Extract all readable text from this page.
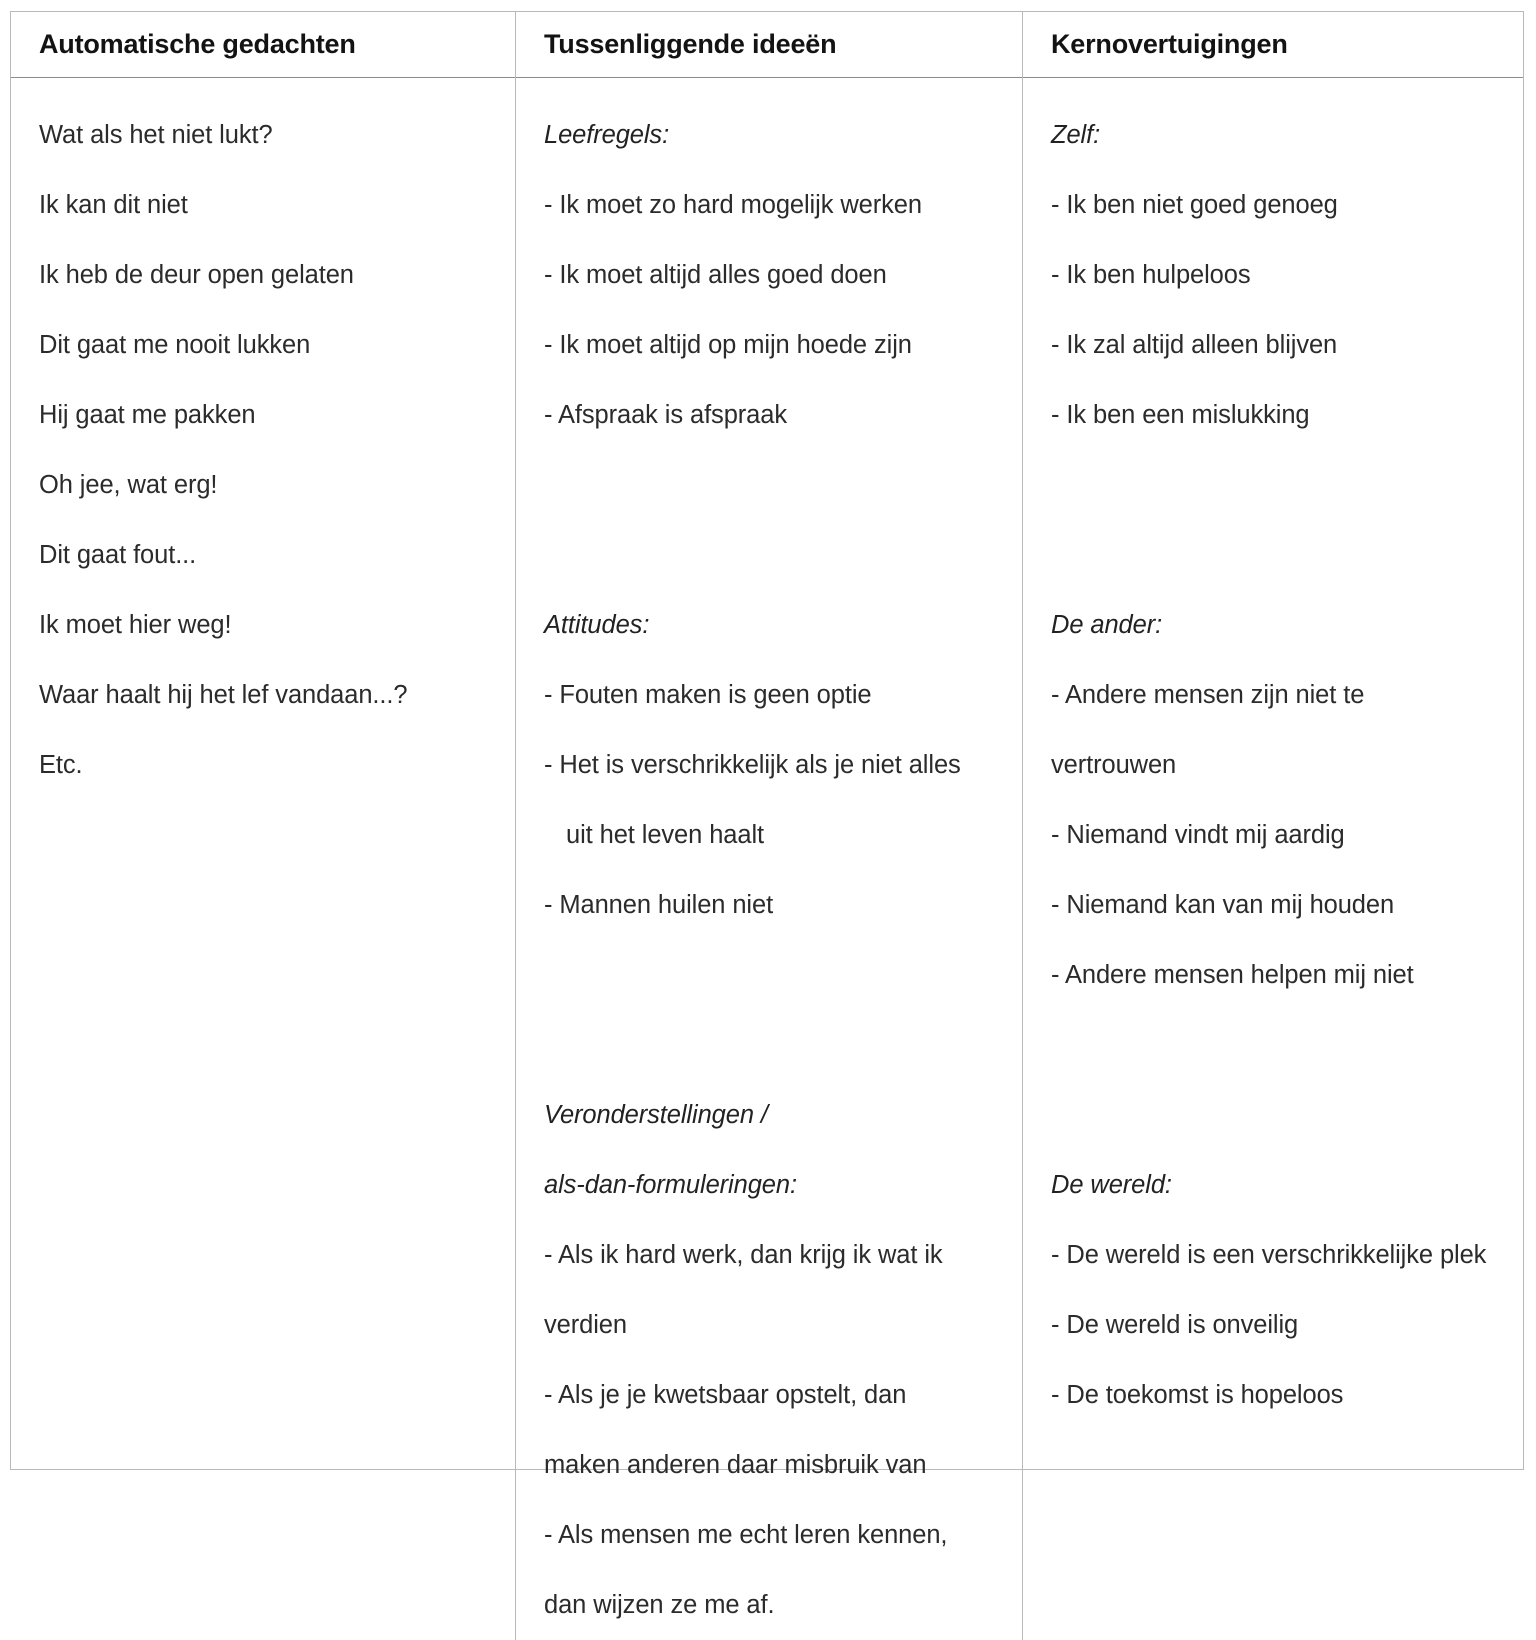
Automatische gedachten
Wat als het niet lukt?
Ik kan dit niet
Ik heb de deur open gelaten
Dit gaat me nooit lukken
Hij gaat me pakken
Oh jee, wat erg!
Dit gaat fout...
Ik moet hier weg!
Waar haalt hij het lef vandaan...?
Etc.
Tussenliggende ideeën
Leefregels:
- Ik moet zo hard mogelijk werken
- Ik moet altijd alles goed doen
- Ik moet altijd op mijn hoede zijn
- Afspraak is afspraak
Attitudes:
- Fouten maken is geen optie
- Het is verschrikkelijk als je niet alles
uit het leven haalt
- Mannen huilen niet
Veronderstellingen /
als-dan-formuleringen:
- Als ik hard werk, dan krijg ik wat ik
verdien
- Als je je kwetsbaar opstelt, dan
maken anderen daar misbruik van
- Als mensen me echt leren kennen,
dan wijzen ze me af.
Kernovertuigingen
Zelf:
- Ik ben niet goed genoeg
- Ik ben hulpeloos
- Ik zal altijd alleen blijven
- Ik ben een mislukking
De ander:
- Andere mensen zijn niet te
vertrouwen
- Niemand vindt mij aardig
- Niemand kan van mij houden
- Andere mensen helpen mij niet
De wereld:
- De wereld is een verschrikkelijke plek
- De wereld is onveilig
- De toekomst is hopeloos
